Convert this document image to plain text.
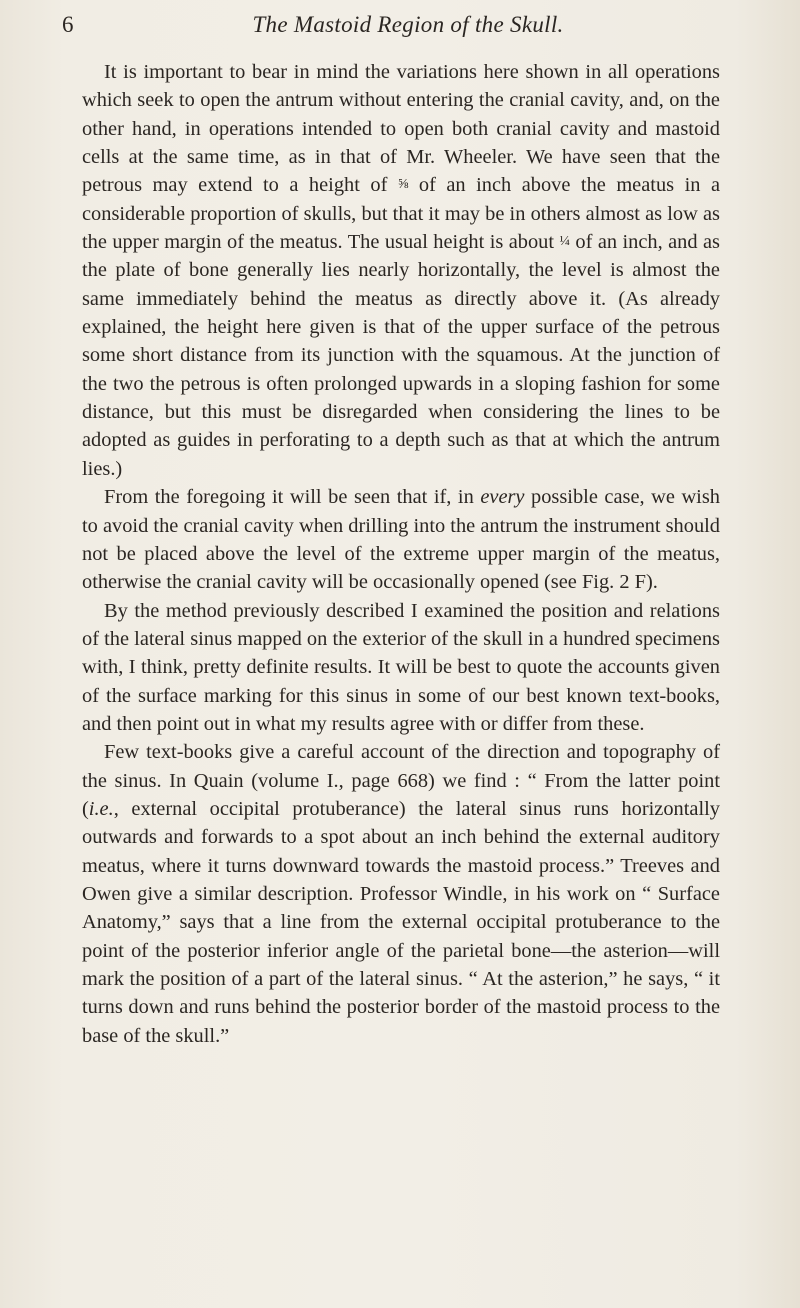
6	The Mastoid Region of the Skull.

It is important to bear in mind the variations here shown in all operations which seek to open the antrum without entering the cranial cavity, and, on the other hand, in operations intended to open both cranial cavity and mastoid cells at the same time, as in that of Mr. Wheeler. We have seen that the petrous may extend to a height of ⅝ of an inch above the meatus in a considerable proportion of skulls, but that it may be in others almost as low as the upper margin of the meatus. The usual height is about ¼ of an inch, and as the plate of bone generally lies nearly horizontally, the level is almost the same immediately behind the meatus as directly above it. (As already explained, the height here given is that of the upper surface of the petrous some short distance from its junction with the squamous. At the junction of the two the petrous is often prolonged upwards in a sloping fashion for some distance, but this must be disregarded when considering the lines to be adopted as guides in perforating to a depth such as that at which the antrum lies.)

From the foregoing it will be seen that if, in every possible case, we wish to avoid the cranial cavity when drilling into the antrum the instrument should not be placed above the level of the extreme upper margin of the meatus, otherwise the cranial cavity will be occasionally opened (see Fig. 2 F).

By the method previously described I examined the position and relations of the lateral sinus mapped on the exterior of the skull in a hundred specimens with, I think, pretty definite results. It will be best to quote the accounts given of the surface marking for this sinus in some of our best known text-books, and then point out in what my results agree with or differ from these.

Few text-books give a careful account of the direction and topography of the sinus. In Quain (volume I., page 668) we find : “ From the latter point (i.e., external occipital protuberance) the lateral sinus runs horizontally outwards and forwards to a spot about an inch behind the external auditory meatus, where it turns downward towards the mastoid process.” Treeves and Owen give a similar description. Professor Windle, in his work on “ Surface Anatomy,” says that a line from the external occipital protuberance to the point of the posterior inferior angle of the parietal bone—the asterion—will mark the position of a part of the lateral sinus. “ At the asterion,” he says, “ it turns down and runs behind the posterior border of the mastoid process to the base of the skull.”
